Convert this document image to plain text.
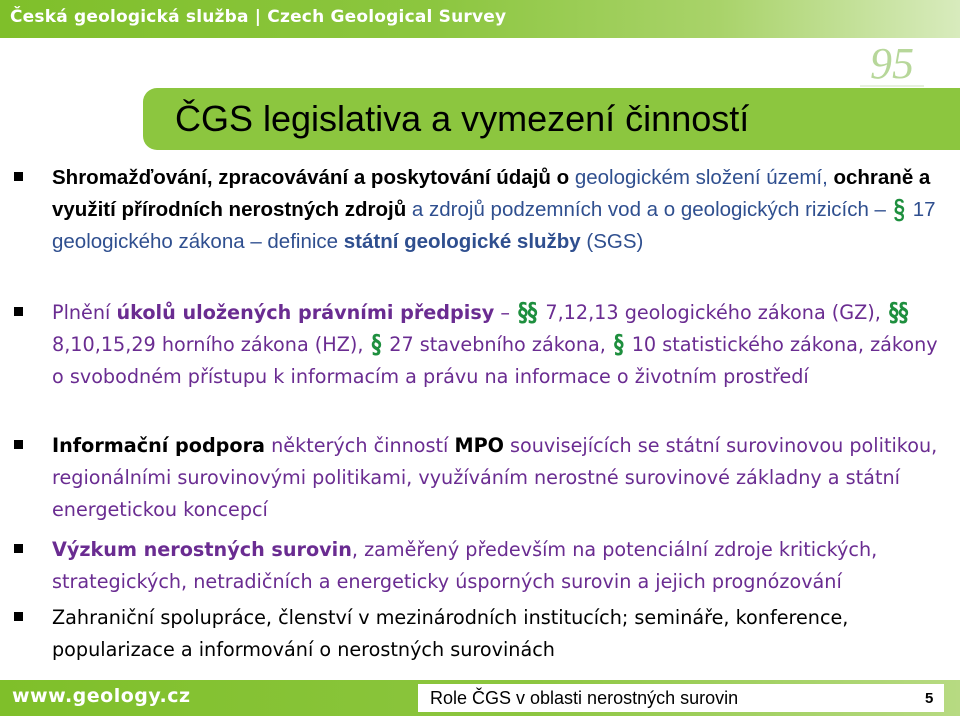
Česká geologická služba | Czech Geological Survey
95
ČGS legislativa a vymezení činností
Shromažďování, zpracovávání a poskytování údajů o geologickém složení území, ochraně a využití přírodních nerostných zdrojů a zdrojů podzemních vod a o geologických rizicích – § 17 geologického zákona – definice státní geologické služby (SGS)
Plnění úkolů uložených právními předpisy – §§ 7,12,13 geologického zákona (GZ), §§ 8,10,15,29 horního zákona (HZ), § 27 stavebního zákona, § 10 statistického zákona, zákony o svobodném přístupu k informacím a právu na informace o životním prostředí
Informační podpora některých činností MPO souvisejících se státní surovinovou politikou, regionálními surovinovými politikami, využíváním nerostné surovinové základny a státní energetickou koncepcí
Výzkum nerostných surovin, zaměřený především na potenciální zdroje kritických, strategických, netradičních a energeticky úsporných surovin a jejich prognózování
Zahraniční spolupráce, členství v mezinárodních institucích; semináře, konference, popularizace a informování o nerostných surovinách
www.geology.cz	Role ČGS v oblasti nerostných surovin	5
